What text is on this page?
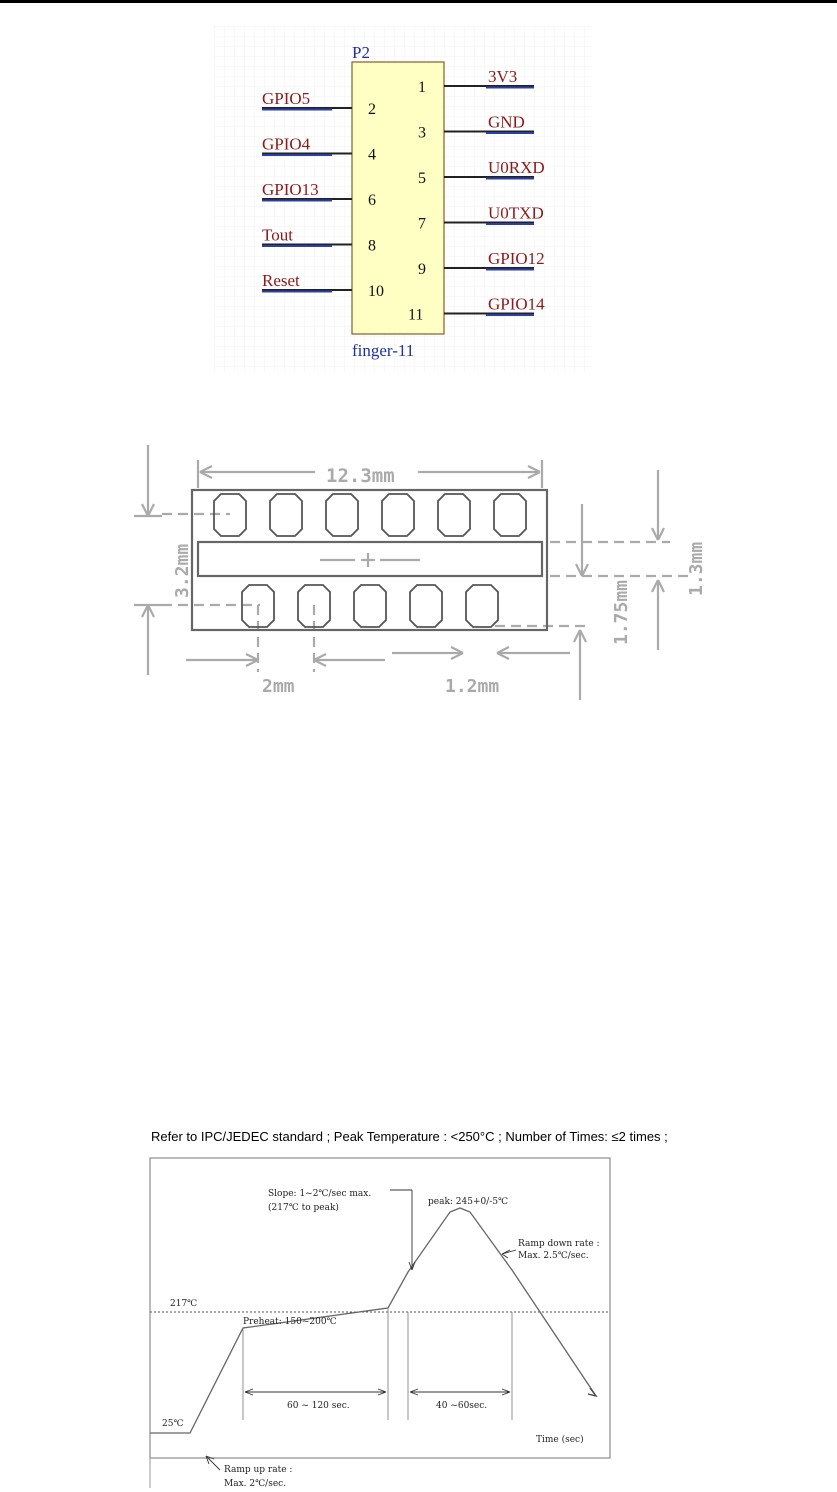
P2
finger-11
GPIO5
2
GPIO4
4
GPIO13
6
Tout
8
Reset
10
3V3
1
GND
3
U0RXD
5
U0TXD
7
GPIO12
9
GPIO14
11
12.3mm
2mm	1.2mm
3.2mm
1.75mm
1.3mm
Refer to IPC/JEDEC standard ; Peak Temperature : <250°C ; Number of Times: ≤2 times ;
217℃
25℃
Preheat: 150~200℃
60 ~ 120 sec.	40 ~60sec.
peak: 245+0/-5℃
Slope: 1~2℃/sec max.
(217℃ to peak)
Ramp down rate :
Max. 2.5℃/sec.
Ramp up rate :
Max. 2℃/sec.
Time (sec)
